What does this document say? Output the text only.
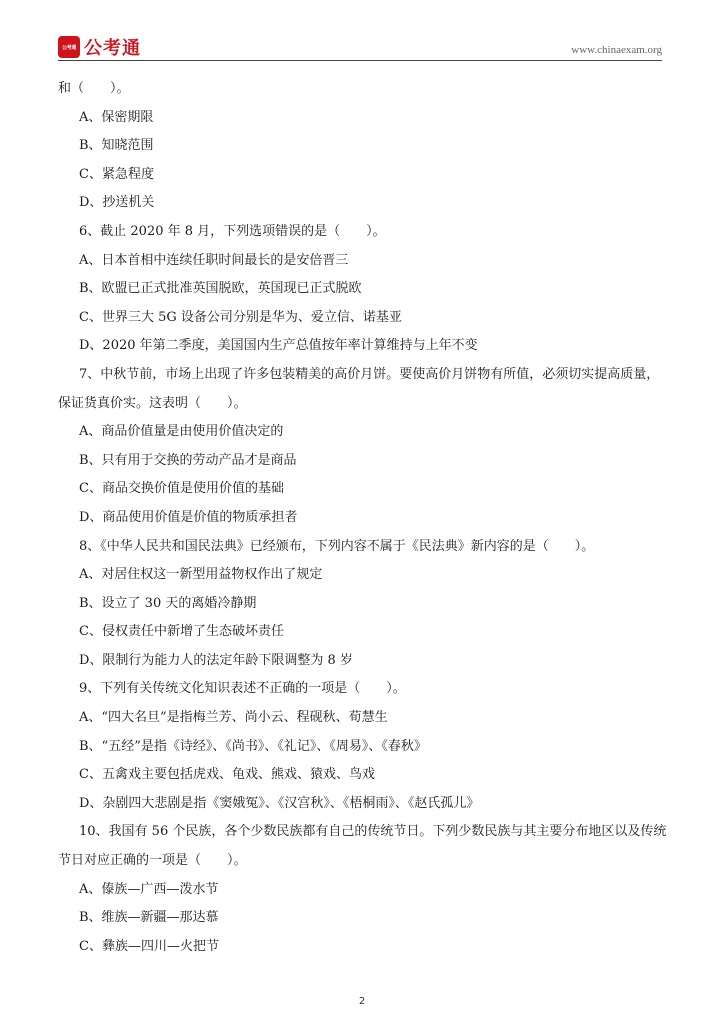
公考通 公考通	www.chinaexam.org
和（　　）。
A、保密期限
B、知晓范围
C、紧急程度
D、抄送机关
6、截止 2020 年 8 月，下列选项错误的是（　　）。
A、日本首相中连续任职时间最长的是安倍晋三
B、欧盟已正式批准英国脱欧，英国现已正式脱欧
C、世界三大 5G 设备公司分别是华为、爱立信、诺基亚
D、2020 年第二季度，美国国内生产总值按年率计算维持与上年不变
7、中秋节前，市场上出现了许多包装精美的高价月饼。要使高价月饼物有所值，必须切实提高质量，保证货真价实。这表明（　　）。
A、商品价值量是由使用价值决定的
B、只有用于交换的劳动产品才是商品
C、商品交换价值是使用价值的基础
D、商品使用价值是价值的物质承担者
8、《中华人民共和国民法典》已经颁布，下列内容不属于《民法典》新内容的是（　　）。
A、对居住权这一新型用益物权作出了规定
B、设立了 30 天的离婚冷静期
C、侵权责任中新增了生态破坏责任
D、限制行为能力人的法定年龄下限调整为 8 岁
9、下列有关传统文化知识表述不正确的一项是（　　）。
A、“四大名旦”是指梅兰芳、尚小云、程砚秋、荀慧生
B、“五经”是指《诗经》、《尚书》、《礼记》、《周易》、《春秋》
C、五禽戏主要包括虎戏、龟戏、熊戏、猿戏、鸟戏
D、杂剧四大悲剧是指《窦娥冤》、《汉宫秋》、《梧桐雨》、《赵氏孤儿》
10、我国有 56 个民族，各个少数民族都有自己的传统节日。下列少数民族与其主要分布地区以及传统节日对应正确的一项是（　　）。
A、傣族—广西—泼水节
B、维族—新疆—那达慕
C、彝族—四川—火把节
2
